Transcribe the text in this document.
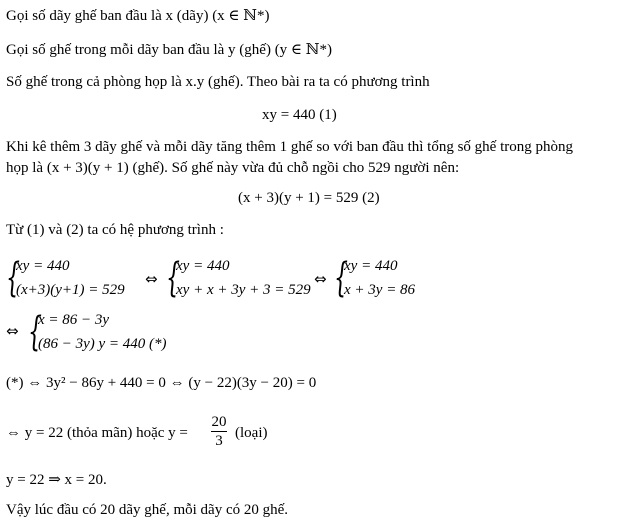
Gọi số dãy ghế ban đầu là x (dãy) (x ∈ ℕ*)
Gọi số ghế trong mỗi dãy ban đầu là y (ghế) (y ∈ ℕ*)
Số ghế trong cả phòng họp là x.y (ghế). Theo bài ra ta có phương trình
xy = 440 (1)
Khi kê thêm 3 dãy ghế và mỗi dãy tăng thêm 1 ghế so với ban đầu thì tổng số ghế trong phòng
họp là (x + 3)(y + 1) (ghế). Số ghế này vừa đủ chỗ ngồi cho 529 người nên:
(x + 3)(y + 1) = 529 (2)
Từ (1) và (2) ta có hệ phương trình :
{
xy = 440
(x+3)(y+1) = 529
⇔ {
xy = 440
xy + x + 3y + 3 = 529
⇔ {
xy = 440
x + 3y = 86
⇔ {
x = 86 − 3y
(86 − 3y) y = 440 (*)
(*) ⇔ 3y² − 86y + 440 = 0 ⇔ (y − 22)(3y − 20) = 0
⇔ y = 22 (thỏa mãn) hoặc $y = \frac{20}{3}$ (loại)
y = 22 ⇒ x = 20.
Vậy lúc đầu có 20 dãy ghế, mỗi dãy có 20 ghế.
